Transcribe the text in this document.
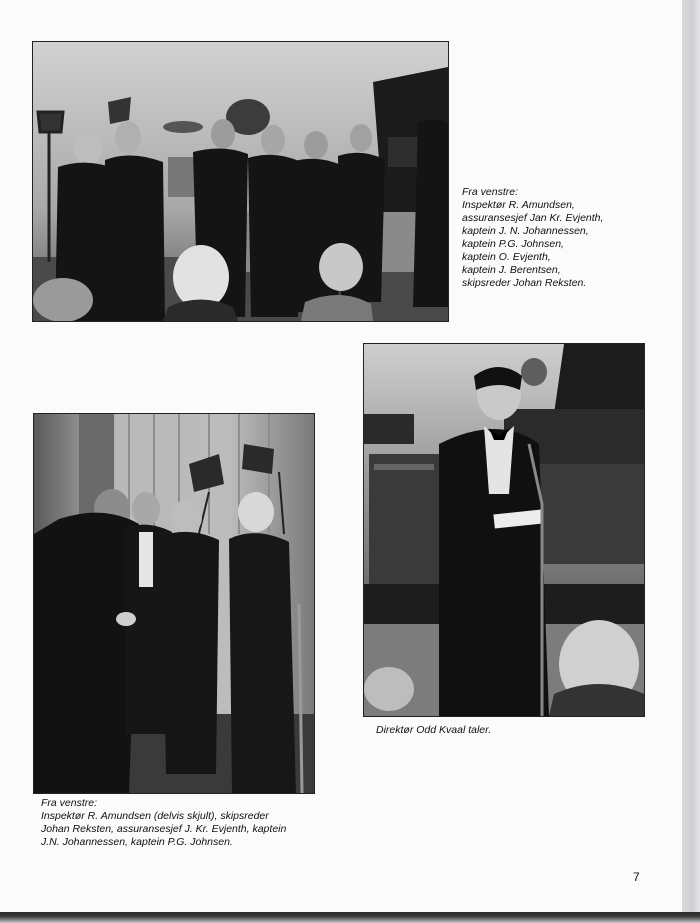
Fra venstre:
Inspektør R. Amundsen,
assuransesjef Jan Kr. Evjenth,
kaptein J. N. Johannessen,
kaptein P.G. Johnsen,
kaptein O. Evjenth,
kaptein J. Berentsen,
skipsreder Johan Reksten.

Direktør Odd Kvaal taler.

Fra venstre:
Inspektør R. Amundsen (delvis skjult), skipsreder
Johan Reksten, assuransesjef J. Kr. Evjenth, kaptein
J.N. Johannessen, kaptein P.G. Johnsen.

7
